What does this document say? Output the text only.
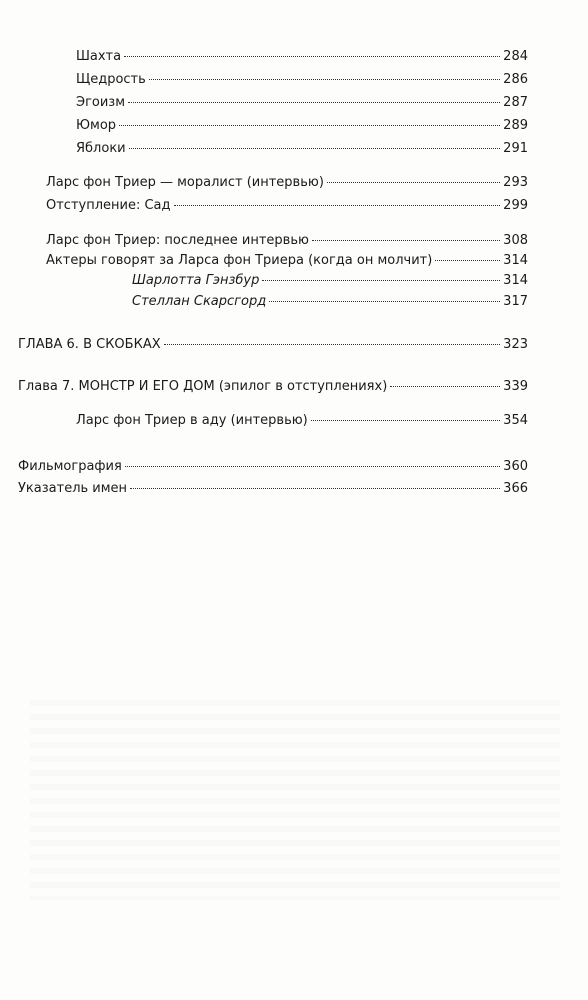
Шахта	284
Щедрость	286
Эгоизм	287
Юмор	289
Яблоки	291
Ларс фон Триер — моралист (интервью)	293
Отступление: Сад	299
Ларс фон Триер: последнее интервью	308
Актеры говорят за Ларса фон Триера (когда он молчит)	314
Шарлотта Гэнзбур	314
Стеллан Скарсгорд	317
ГЛАВА 6. В СКОБКАХ	323
Глава 7. МОНСТР И ЕГО ДОМ (эпилог в отступлениях)	339
Ларс фон Триер в аду (интервью)	354
Фильмография	360
Указатель имен	366
